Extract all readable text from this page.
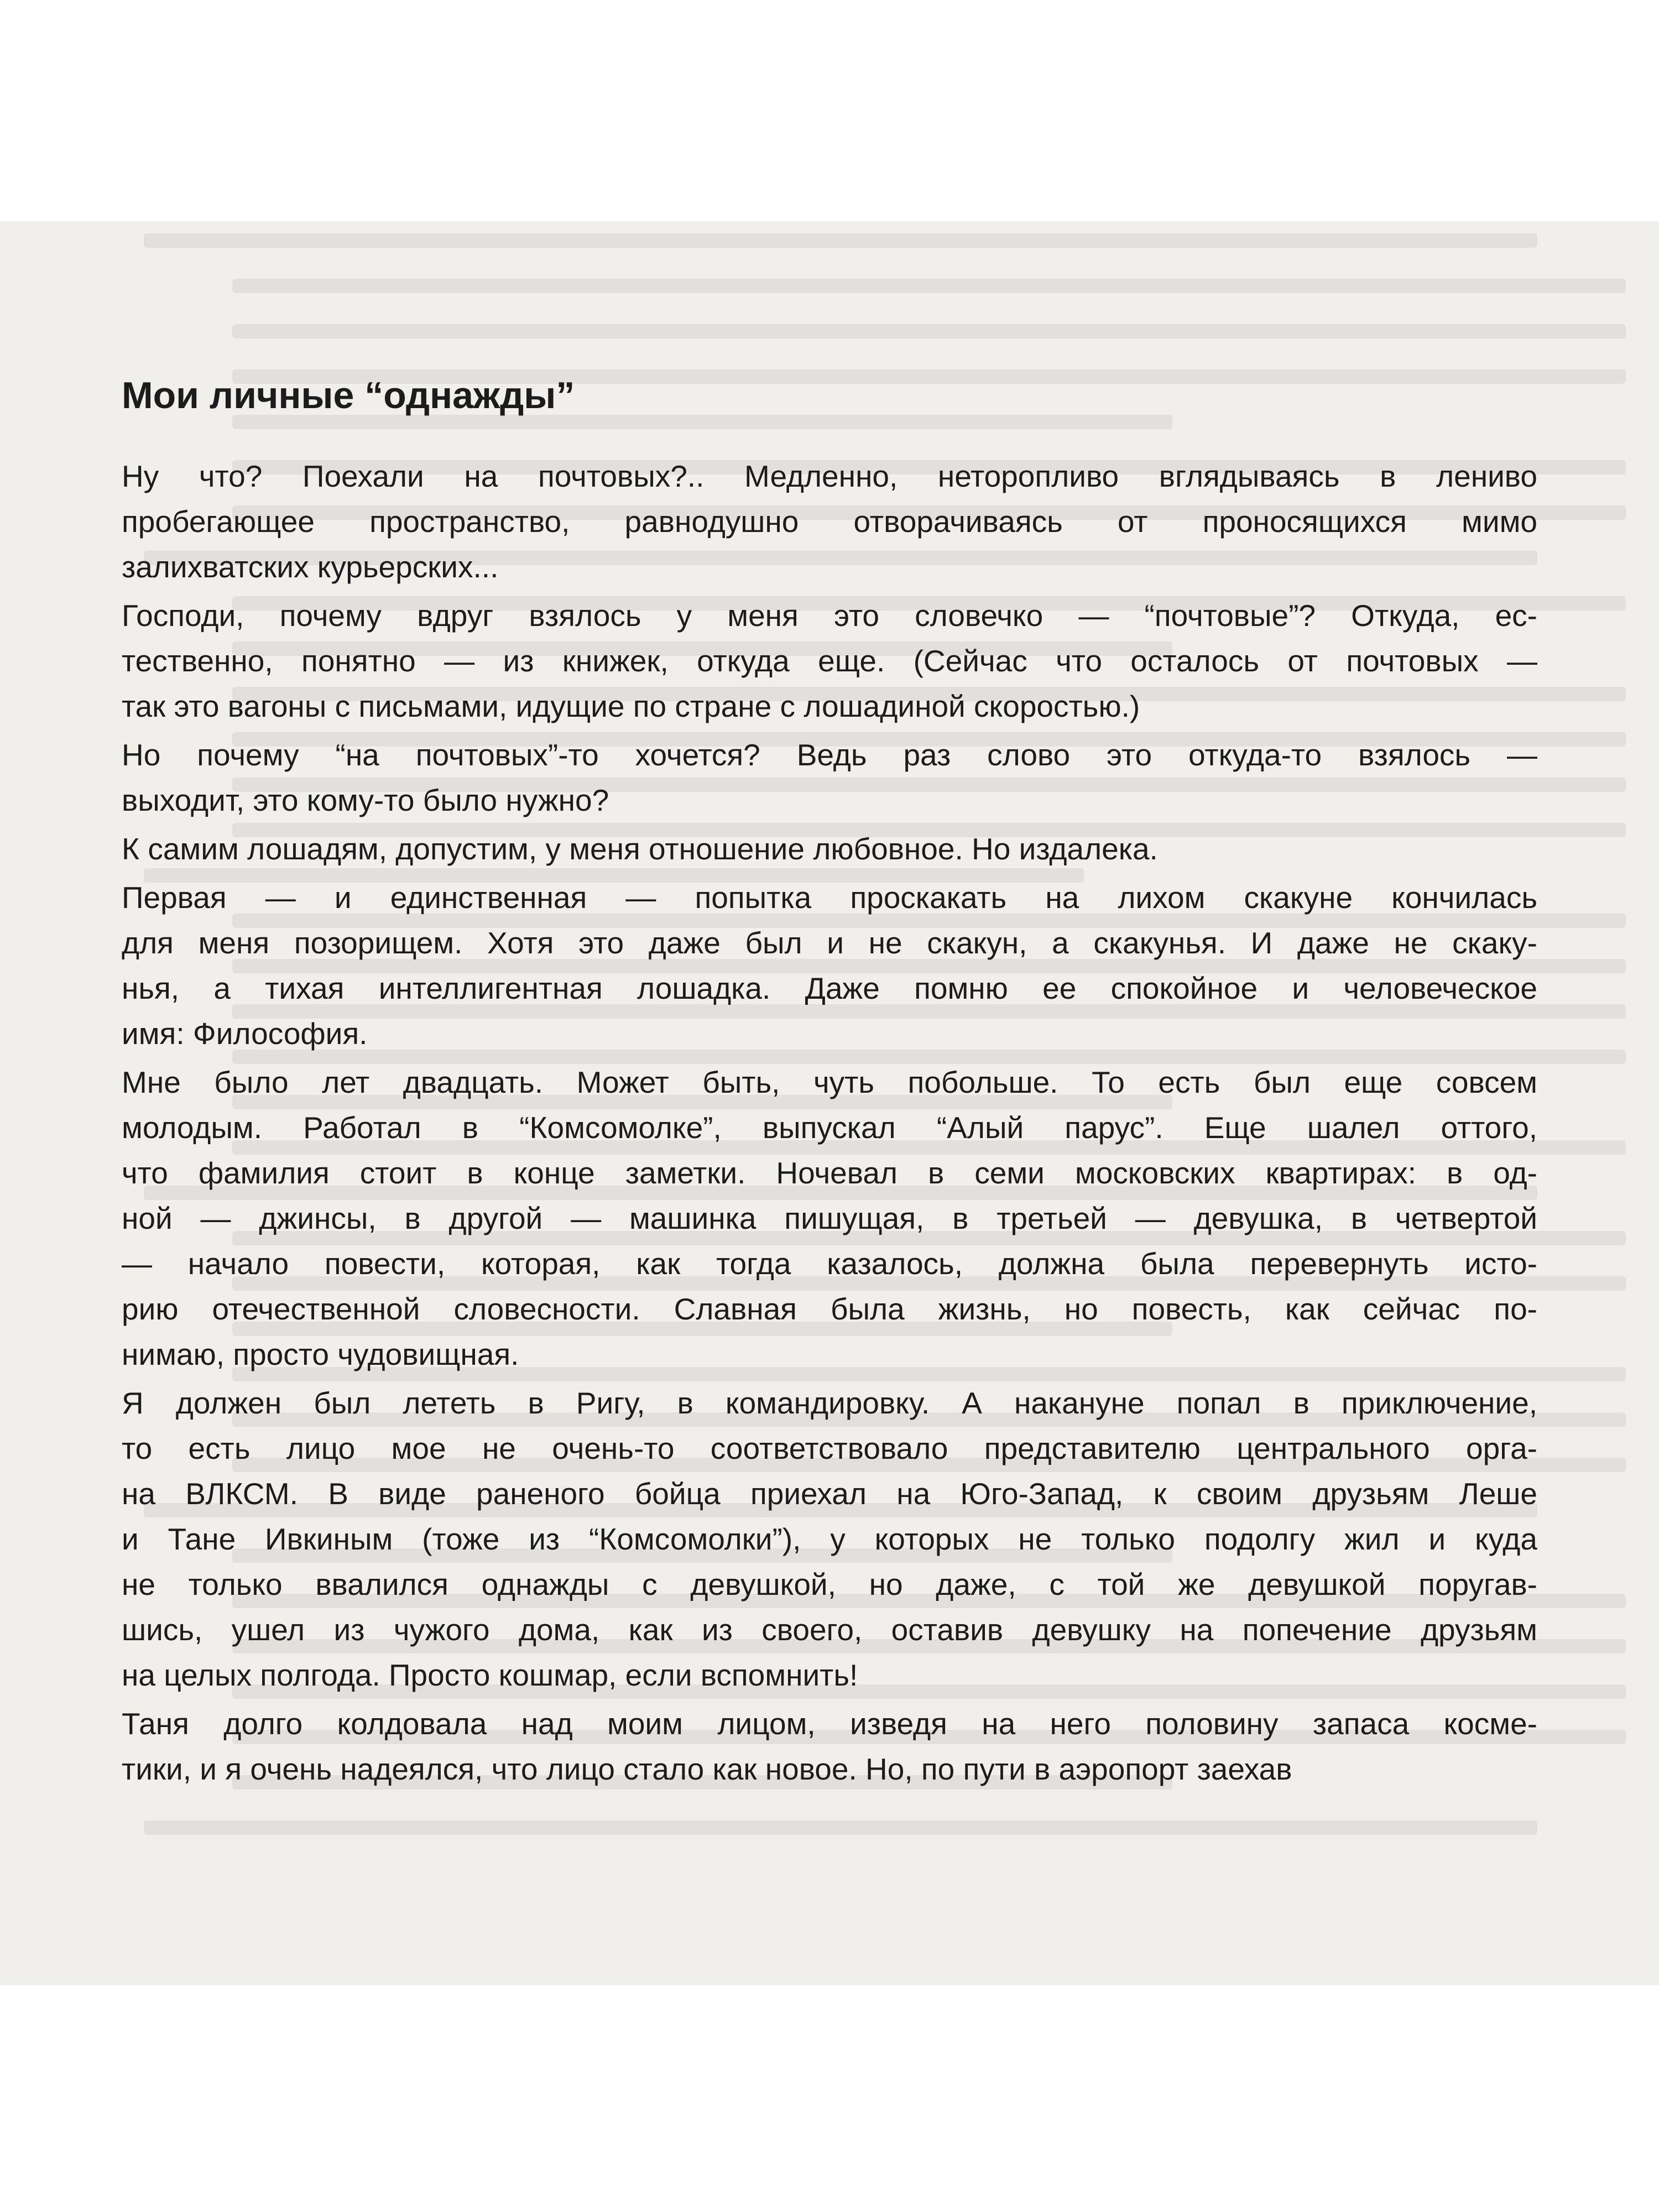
Мои личные “однажды”

Ну что? Поехали на почтовых?.. Медленно, неторопливо вглядываясь в лениво
пробегающее пространство, равнодушно отворачиваясь от проносящихся мимо
залихватских курьерских...

Господи, почему вдруг взялось у меня это словечко — “почтовые”? Откуда, ес-
тественно, понятно — из книжек, откуда еще. (Сейчас что осталось от почтовых —
так это вагоны с письмами, идущие по стране с лошадиной скоростью.)

Но почему “на почтовых”-то хочется? Ведь раз слово это откуда-то взялось —
выходит, это кому-то было нужно?

К самим лошадям, допустим, у меня отношение любовное. Но издалека.

Первая — и единственная — попытка проскакать на лихом скакуне кончилась
для меня позорищем. Хотя это даже был и не скакун, а скакунья. И даже не скаку-
нья, а тихая интеллигентная лошадка. Даже помню ее спокойное и человеческое
имя: Философия.

Мне было лет двадцать. Может быть, чуть побольше. То есть был еще совсем
молодым. Работал в “Комсомолке”, выпускал “Алый парус”. Еще шалел оттого,
что фамилия стоит в конце заметки. Ночевал в семи московских квартирах: в од-
ной — джинсы, в другой — машинка пишущая, в третьей — девушка, в четвертой
— начало повести, которая, как тогда казалось, должна была перевернуть исто-
рию отечественной словесности. Славная была жизнь, но повесть, как сейчас по-
нимаю, просто чудовищная.

Я должен был лететь в Ригу, в командировку. А накануне попал в приключение,
то есть лицо мое не очень-то соответствовало представителю центрального орга-
на ВЛКСМ. В виде раненого бойца приехал на Юго-Запад, к своим друзьям Леше
и Тане Ивкиным (тоже из “Комсомолки”), у которых не только подолгу жил и куда
не только ввалился однажды с девушкой, но даже, с той же девушкой поругав-
шись, ушел из чужого дома, как из своего, оставив девушку на попечение друзьям
на целых полгода. Просто кошмар, если вспомнить!

Таня долго колдовала над моим лицом, изведя на него половину запаса косме-
тики, и я очень надеялся, что лицо стало как новое. Но, по пути в аэропорт заехав
